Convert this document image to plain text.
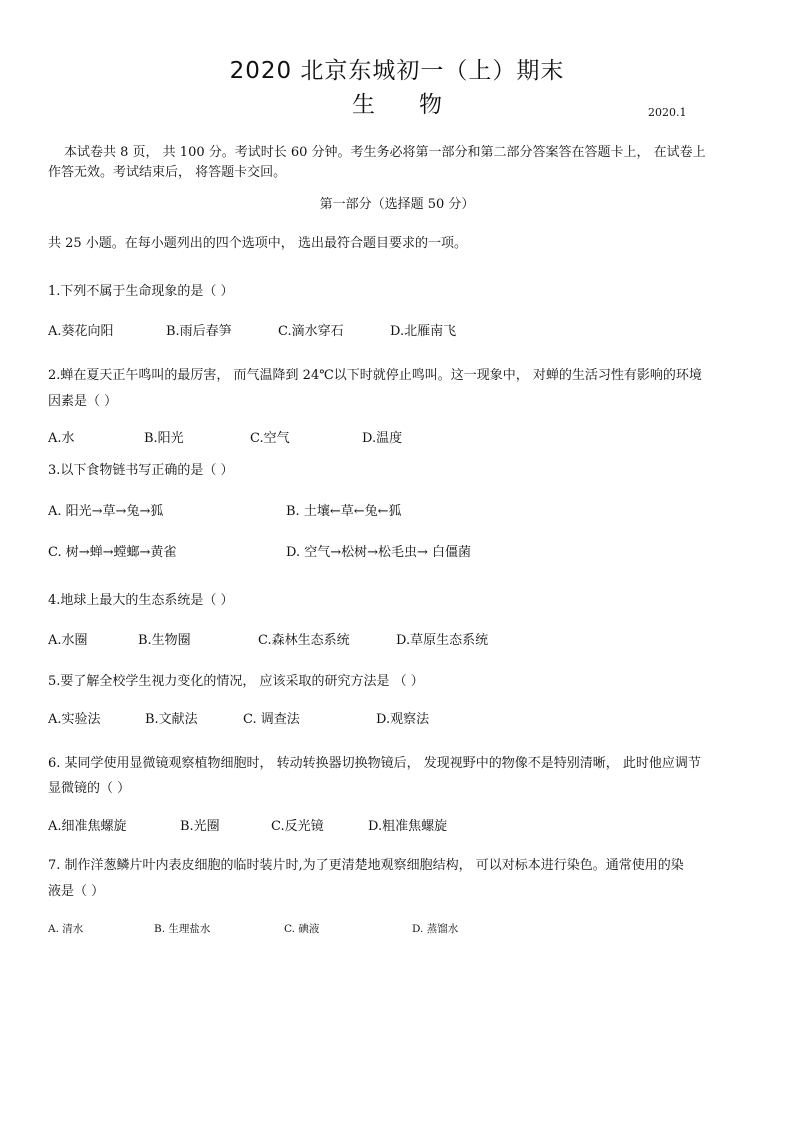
2020 北京东城初一（上）期末
生物	2020.1
本试卷共 8 页， 共 100 分。考试时长 60 分钟。考生务必将第一部分和第二部分答案答在答题卡上， 在试卷上
作答无效。考试结束后， 将答题卡交回。
第一部分（选择题 50 分）
共 25 小题。在每小题列出的四个选项中， 选出最符合题目要求的一项。
1.下列不属于生命现象的是（ ）
A.葵花向阳	B.雨后春笋	C.滴水穿石	D.北雁南飞
2.蝉在夏天正午鸣叫的最厉害， 而气温降到 24℃以下时就停止鸣叫。这一现象中， 对蝉的生活习性有影响的环境
因素是（ ）
A.水	B.阳光	C.空气	D.温度
3.以下食物链书写正确的是（ ）
A. 阳光→草→兔→狐	B. 土壤←草←兔←狐
C. 树→蝉→螳螂→黄雀	D. 空气→松树→松毛虫→ 白僵菌
4.地球上最大的生态系统是（ ）
A.水圈	B.生物圈	C.森林生态系统	D.草原生态系统
5.要了解全校学生视力变化的情况， 应该采取的研究方法是 （ ）
A.实验法	B.文献法	C. 调查法	D.观察法
6. 某同学使用显微镜观察植物细胞时， 转动转换器切换物镜后， 发现视野中的物像不是特别清晰， 此时他应调节
显微镜的（ ）
A.细准焦螺旋	B.光圈	C.反光镜	D.粗准焦螺旋
7. 制作洋葱鳞片叶内表皮细胞的临时装片时,为了更清楚地观察细胞结构， 可以对标本进行染色。通常使用的染
液是（ ）
A. 清水	B. 生理盐水	C. 碘液	D. 蒸馏水
